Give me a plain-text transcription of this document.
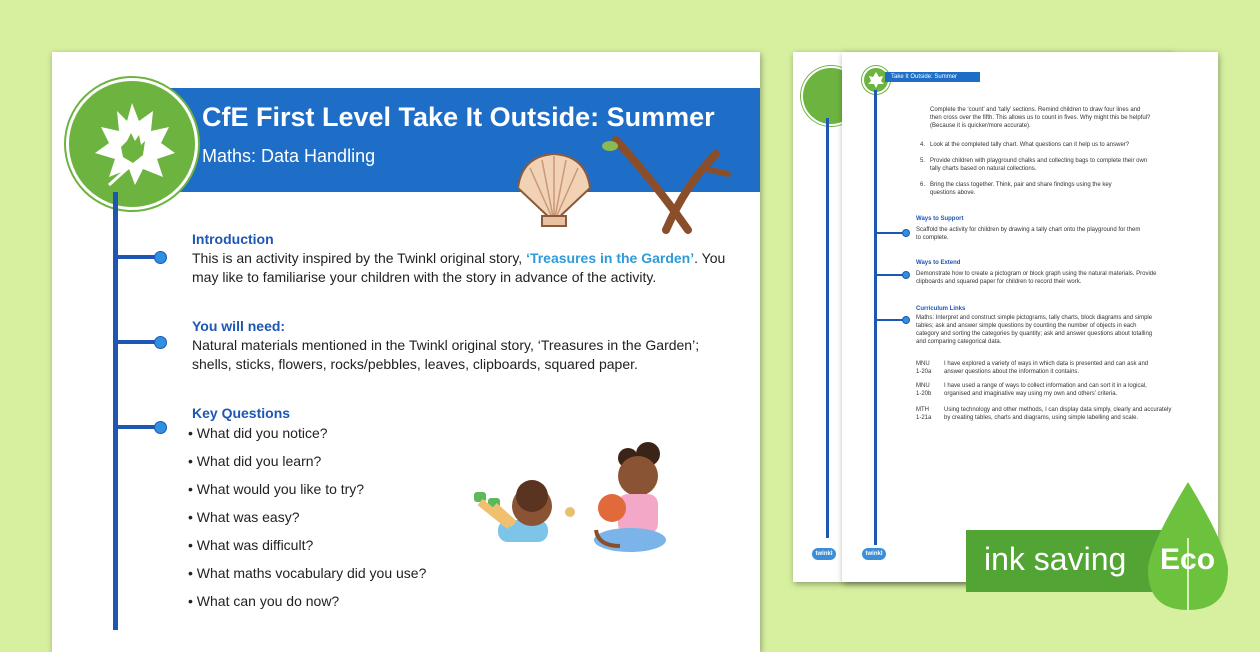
twinkl
Take It Outside: Summer
Complete the ‘count’ and ‘tally’ sections. Remind children to draw four lines and
then cross over the fifth. This allows us to count in fives. Why might this be helpful?
(Because it is quicker/more accurate).
4. Look at the completed tally chart. What questions can it help us to answer?
5. Provide children with playground chalks and collecting bags to complete their own
tally charts based on natural collections.
6. Bring the class together. Think, pair and share findings using the key
questions above.
Ways to Support
Scaffold the activity for children by drawing a tally chart onto the playground for them
to complete.
Ways to Extend
Demonstrate how to create a pictogram or block graph using the natural materials. Provide
clipboards and squared paper for children to record their work.
Curriculum Links
Maths: Interpret and construct simple pictograms, tally charts, block diagrams and simple
tables; ask and answer simple questions by counting the number of objects in each
category and sorting the categories by quantity; ask and answer questions about totalling
and comparing categorical data.
MNU
1-20a
I have explored a variety of ways in which data is presented and can ask and
answer questions about the information it contains.
MNU
1-20b
I have used a range of ways to collect information and can sort it in a logical,
organised and imaginative way using my own and others’ criteria.
MTH
1-21a
Using technology and other methods, I can display data simply, clearly and accurately
by creating tables, charts and diagrams, using simple labelling and scale.
twinkl
CfE First Level Take It Outside: Summer
Maths: Data Handling
Introduction
This is an activity inspired by the Twinkl original story, ‘Treasures in the Garden’. You
may like to familiarise your children with the story in advance of the activity.
You will need:
Natural materials mentioned in the Twinkl original story, ‘Treasures in the Garden’;
shells, sticks, flowers, rocks/pebbles, leaves, clipboards, squared paper.
Key Questions
• What did you notice?
• What did you learn?
• What would you like to try?
• What was easy?
• What was difficult?
• What maths vocabulary did you use?
• What can you do now?
ink saving Eco
